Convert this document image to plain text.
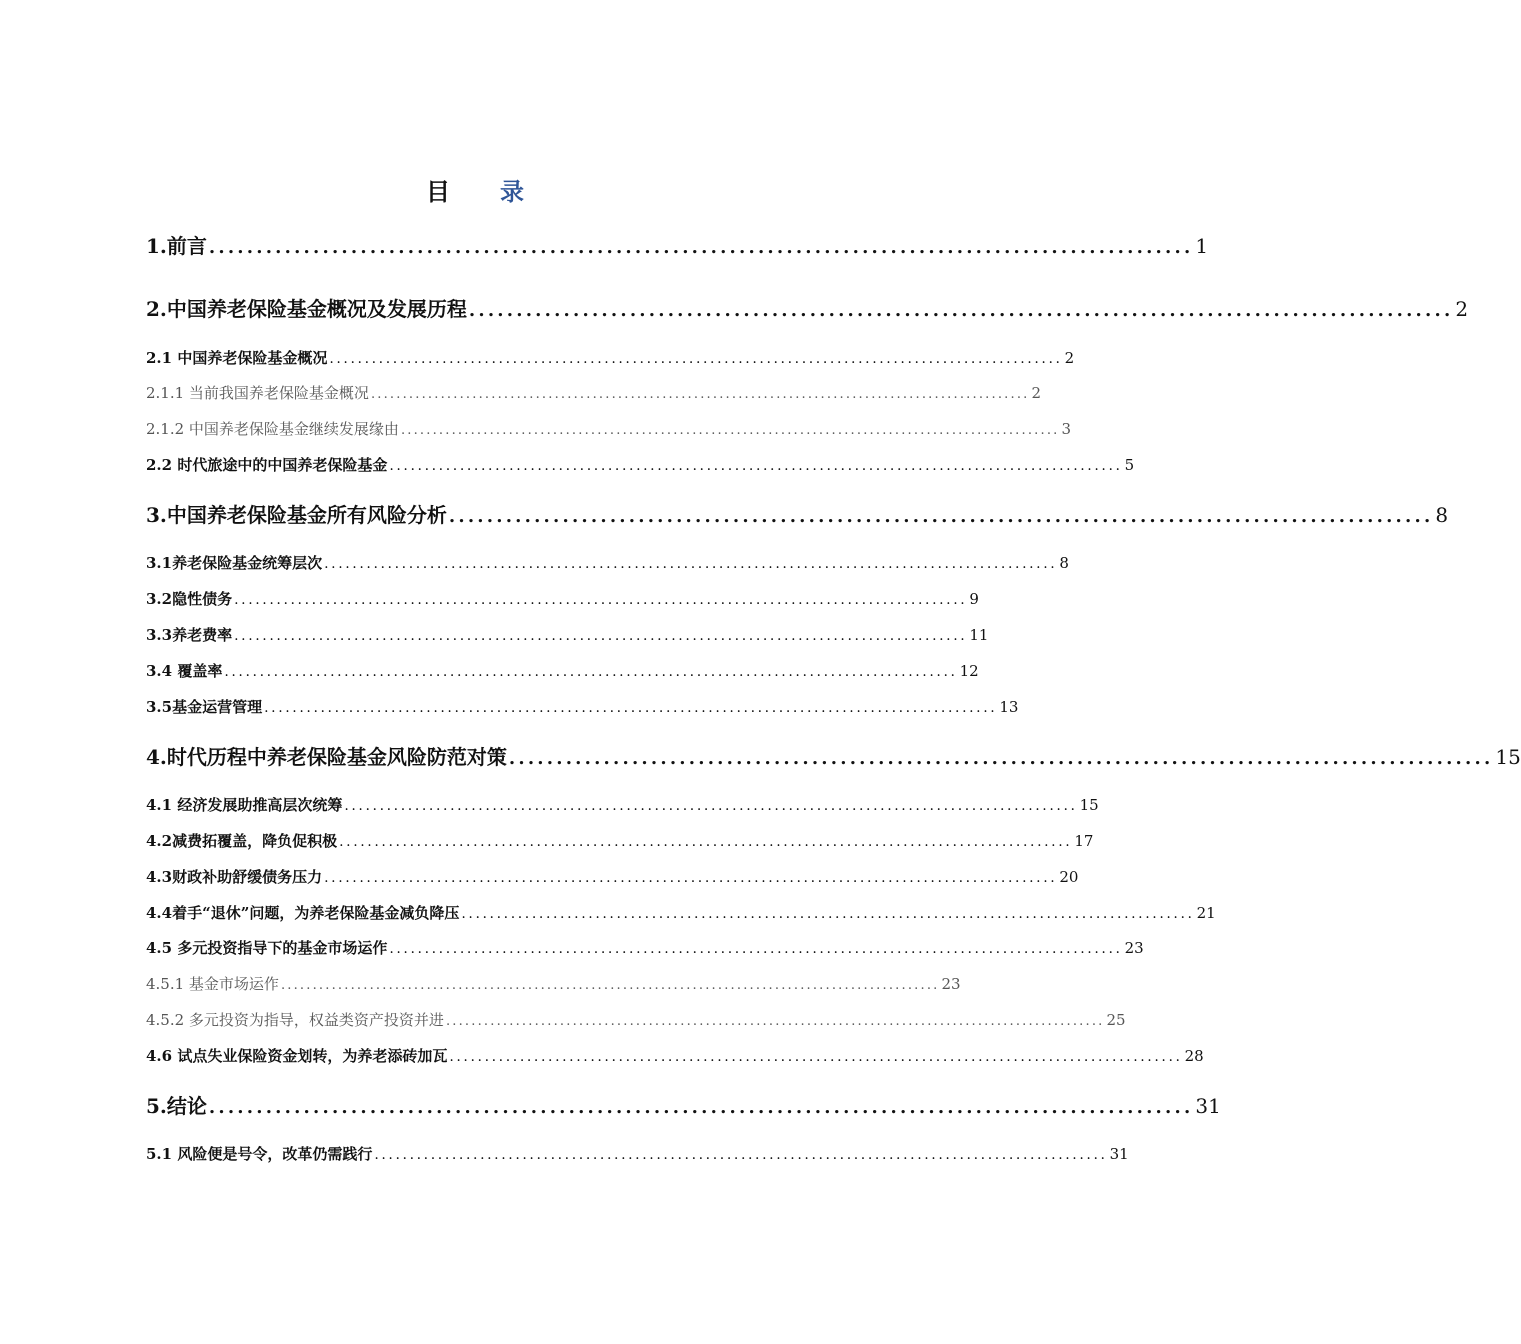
目 录
1.前言 ........................................................................................................ 1
2.中国养老保险基金概况及发展历程 ........................................................................................................ 2
2.1 中国养老保险基金概况 ........................................................................................................ 2
2.1.1 当前我国养老保险基金概况 ........................................................................................................ 2
2.1.2 中国养老保险基金继续发展缘由 ........................................................................................................ 3
2.2 时代旅途中的中国养老保险基金 ........................................................................................................ 5
3.中国养老保险基金所有风险分析 ........................................................................................................ 8
3.1养老保险基金统筹层次 ........................................................................................................ 8
3.2隐性债务 ........................................................................................................ 9
3.3养老费率 ........................................................................................................ 11
3.4 覆盖率 ........................................................................................................ 12
3.5基金运营管理 ........................................................................................................ 13
4.时代历程中养老保险基金风险防范对策 ........................................................................................................ 15
4.1 经济发展助推高层次统筹 ........................................................................................................ 15
4.2减费拓覆盖，降负促积极 ........................................................................................................ 17
4.3财政补助舒缓债务压力 ........................................................................................................ 20
4.4着手“退休”问题，为养老保险基金减负降压 ........................................................................................................ 21
4.5 多元投资指导下的基金市场运作 ........................................................................................................ 23
4.5.1 基金市场运作 ........................................................................................................ 23
4.5.2 多元投资为指导，权益类资产投资并进 ........................................................................................................ 25
4.6 试点失业保险资金划转，为养老添砖加瓦 ........................................................................................................ 28
5.结论 ........................................................................................................ 31
5.1 风险便是号令，改革仍需践行 ........................................................................................................ 31
